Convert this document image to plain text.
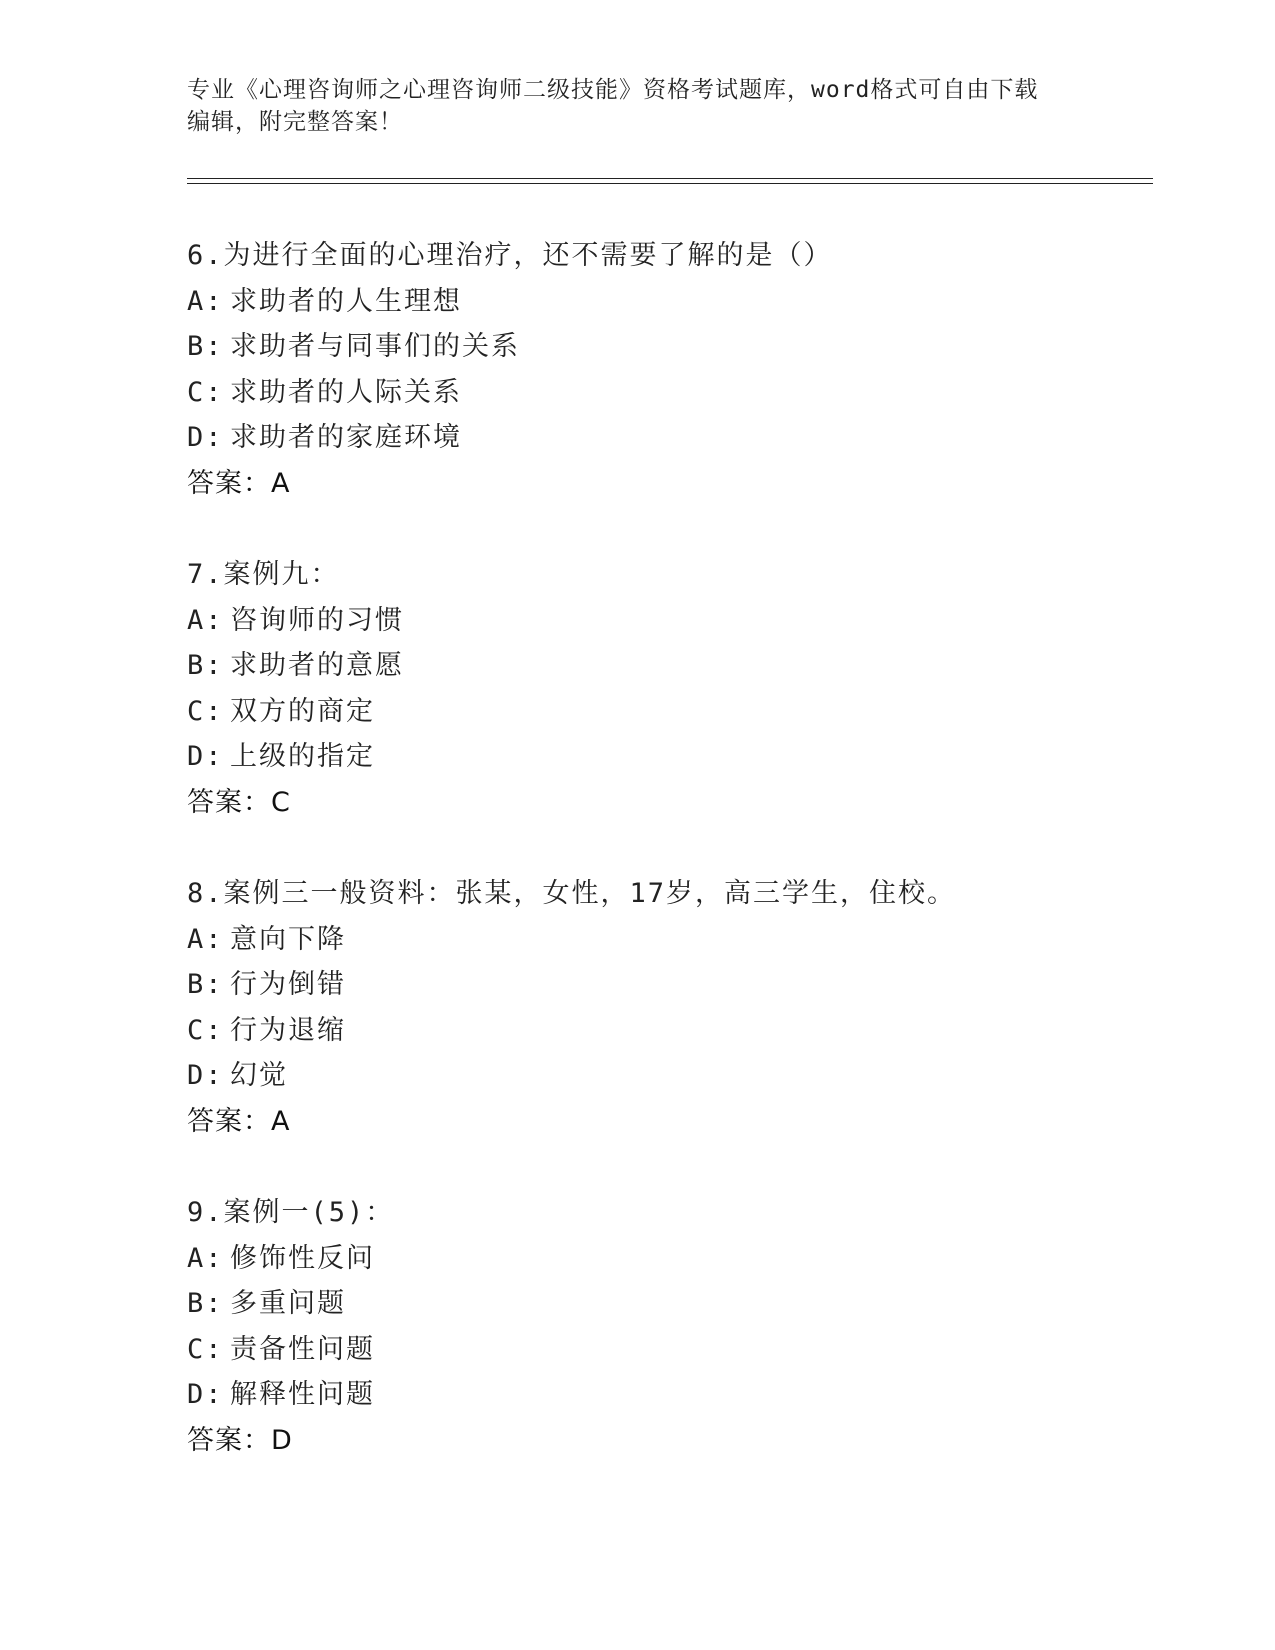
专业《心理咨询师之心理咨询师二级技能》资格考试题库，word格式可自由下载
编辑，附完整答案！
6.为进行全面的心理治疗，还不需要了解的是（）
A: 求助者的人生理想
B: 求助者与同事们的关系
C: 求助者的人际关系
D: 求助者的家庭环境
答案：A
7.案例九：
A: 咨询师的习惯
B: 求助者的意愿
C: 双方的商定
D: 上级的指定
答案：C
8.案例三一般资料：张某，女性，17岁，高三学生，住校。
A: 意向下降
B: 行为倒错
C: 行为退缩
D: 幻觉
答案：A
9.案例一(5)：
A: 修饰性反问
B: 多重问题
C: 责备性问题
D: 解释性问题
答案：D
